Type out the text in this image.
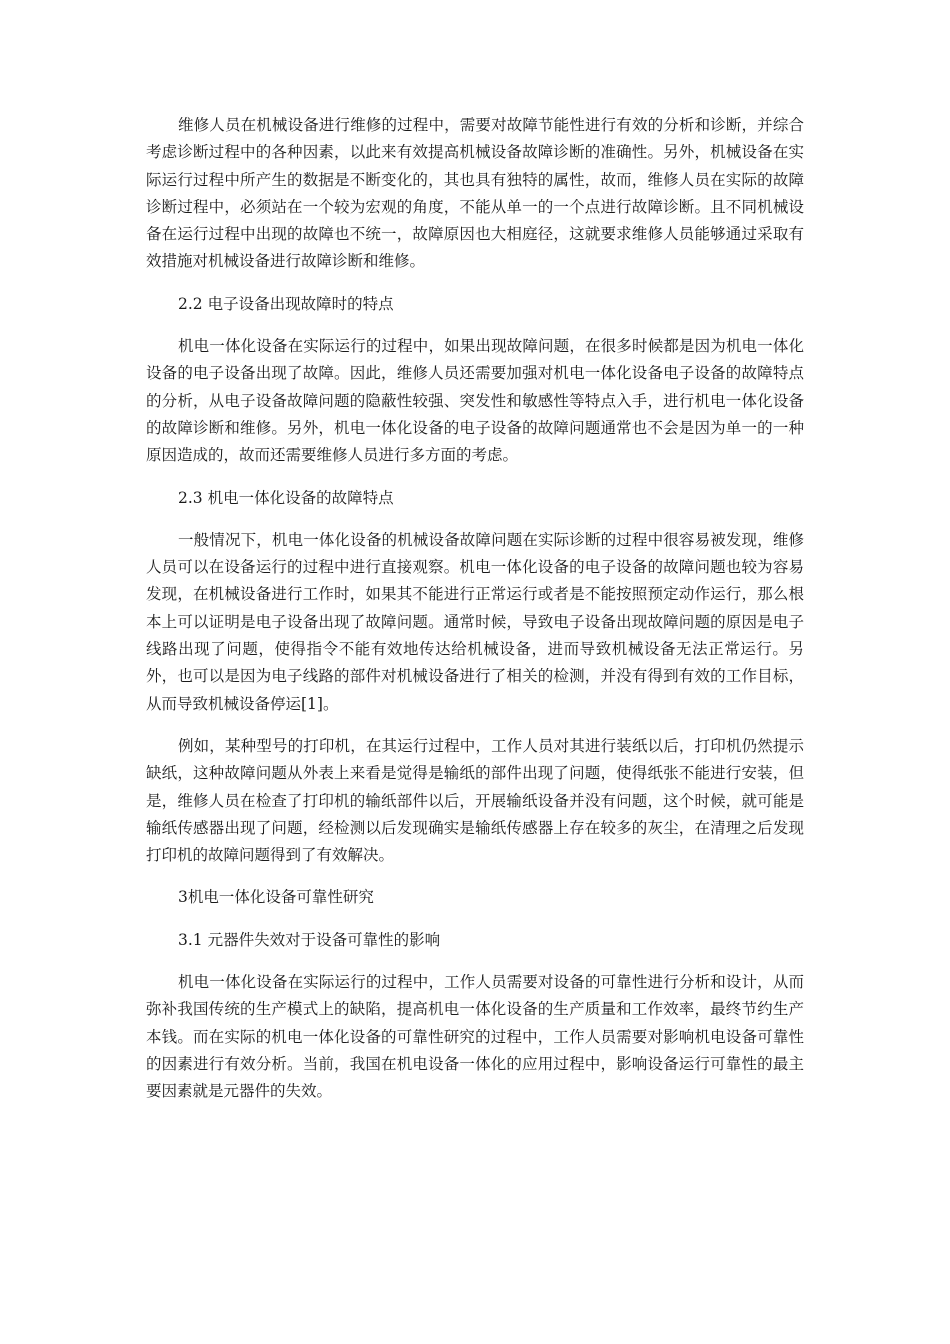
维修人员在机械设备进行维修的过程中，需要对故障节能性进行有效的分析和诊断，并综合考虑诊断过程中的各种因素，以此来有效提高机械设备故障诊断的准确性。另外，机械设备在实际运行过程中所产生的数据是不断变化的，其也具有独特的属性，故而，维修人员在实际的故障诊断过程中，必须站在一个较为宏观的角度，不能从单一的一个点进行故障诊断。且不同机械设备在运行过程中出现的故障也不统一，故障原因也大相庭径，这就要求维修人员能够通过采取有效措施对机械设备进行故障诊断和维修。

2.2 电子设备出现故障时的特点

机电一体化设备在实际运行的过程中，如果出现故障问题，在很多时候都是因为机电一体化设备的电子设备出现了故障。因此，维修人员还需要加强对机电一体化设备电子设备的故障特点的分析，从电子设备故障问题的隐蔽性较强、突发性和敏感性等特点入手，进行机电一体化设备的故障诊断和维修。另外，机电一体化设备的电子设备的故障问题通常也不会是因为单一的一种原因造成的，故而还需要维修人员进行多方面的考虑。

2.3 机电一体化设备的故障特点

一般情况下，机电一体化设备的机械设备故障问题在实际诊断的过程中很容易被发现，维修人员可以在设备运行的过程中进行直接观察。机电一体化设备的电子设备的故障问题也较为容易发现，在机械设备进行工作时，如果其不能进行正常运行或者是不能按照预定动作运行，那么根本上可以证明是电子设备出现了故障问题。通常时候，导致电子设备出现故障问题的原因是电子线路出现了问题，使得指令不能有效地传达给机械设备，进而导致机械设备无法正常运行。另外，也可以是因为电子线路的部件对机械设备进行了相关的检测，并没有得到有效的工作目标，从而导致机械设备停运[1]。

例如，某种型号的打印机，在其运行过程中，工作人员对其进行装纸以后，打印机仍然提示缺纸，这种故障问题从外表上来看是觉得是输纸的部件出现了问题，使得纸张不能进行安装，但是，维修人员在检查了打印机的输纸部件以后，开展输纸设备并没有问题，这个时候，就可能是输纸传感器出现了问题，经检测以后发现确实是输纸传感器上存在较多的灰尘，在清理之后发现打印机的故障问题得到了有效解决。

3机电一体化设备可靠性研究

3.1 元器件失效对于设备可靠性的影响

机电一体化设备在实际运行的过程中，工作人员需要对设备的可靠性进行分析和设计，从而弥补我国传统的生产模式上的缺陷，提高机电一体化设备的生产质量和工作效率，最终节约生产本钱。而在实际的机电一体化设备的可靠性研究的过程中，工作人员需要对影响机电设备可靠性的因素进行有效分析。当前，我国在机电设备一体化的应用过程中，影响设备运行可靠性的最主要因素就是元器件的失效。
